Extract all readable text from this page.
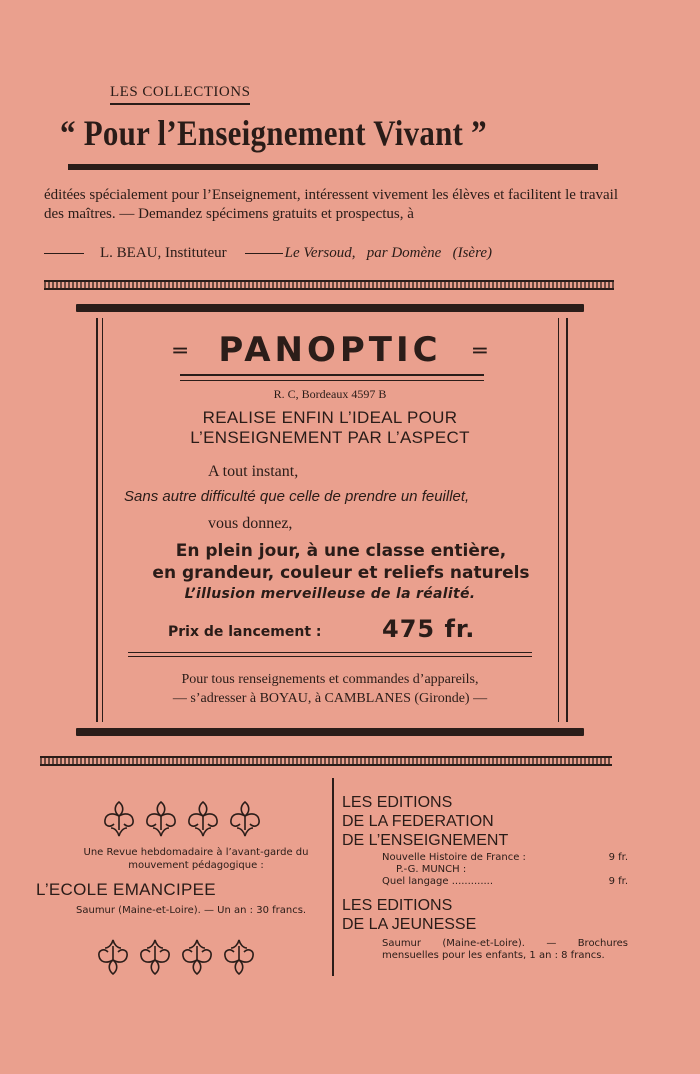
LES COLLECTIONS
“ Pour l’Enseignement Vivant ”
éditées spécialement pour l’Enseignement, intéressent vivement les élèves et facilitent le travail des maîtres. — Demandez spécimens gratuits et prospectus, à
L. BEAU, Instituteur	Le Versoud, par Domène (Isère)
═ PANOPTIC ═
R. C, Bordeaux 4597 B
REALISE ENFIN L’IDEAL POUR
L’ENSEIGNEMENT PAR L’ASPECT
A tout instant,
Sans autre difficulté que celle de prendre un feuillet,
vous donnez,
En plein jour, à une classe entière,
en grandeur, couleur et reliefs naturels
L’illusion merveilleuse de la réalité.
Prix de lancement :	475 fr.
Pour tous renseignements et commandes d’appareils,
— s’adresser à BOYAU, à CAMBLANES (Gironde) —
Une Revue hebdomadaire à l’avant-garde du mouvement pédagogique :
L’ECOLE EMANCIPEE
Saumur (Maine-et-Loire). — Un an : 30 francs.
LES EDITIONS
DE LA FEDERATION
DE L’ENSEIGNEMENT
Nouvelle Histoire de France :	9 fr.
P.-G. MUNCH :
Quel langage .............	9 fr.
LES EDITIONS
DE LA JEUNESSE
Saumur (Maine-et-Loire). — Brochures mensuelles pour les enfants, 1 an : 8 francs.
